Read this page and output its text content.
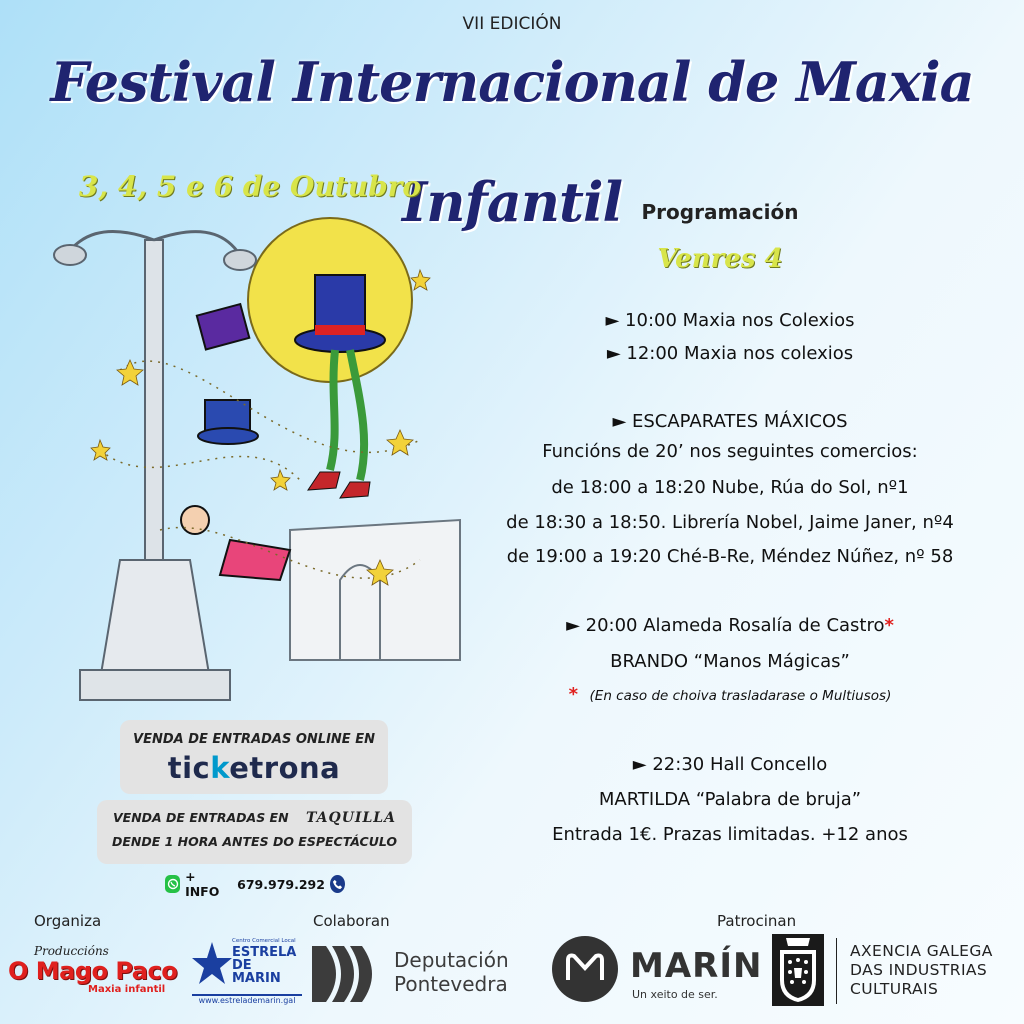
VII EDICIÓN
Festival Internacional de Maxia Infantil
3, 4, 5 e 6 de Outubro
Programación
Venres 4
► 10:00 Maxia nos Colexios
► 12:00 Maxia nos colexios
► ESCAPARATES MÁXICOS
Funcións de 20’ nos seguintes comercios:
de 18:00 a 18:20 Nube, Rúa do Sol, nº1
de 18:30 a 18:50. Librería Nobel, Jaime Janer, nº4
de 19:00 a 19:20 Ché-B-Re, Méndez Núñez, nº 58
► 20:00 Alameda Rosalía de Castro*
BRANDO “Manos Mágicas”
* (En caso de choiva trasladarase o Multiusos)
► 22:30 Hall Concello
MARTILDA “Palabra de bruja”
Entrada 1€. Prazas limitadas. +12 anos
VENDA DE ENTRADAS ONLINE EN
ticketrona
VENDA DE ENTRADAS EN TAQUILLA
DENDE 1 HORA ANTES DO ESPECTÁCULO
+ INFO	679.979.292
Organiza	Colaboran	Patrocinan
Produccións
O Mago Paco
Maxia infantil
Centro Comercial Local
ESTRELA
DE
MARIN
www.estrelademarin.gal
Deputación
Pontevedra	MARÍN
Un xeito de ser.
AXENCIA GALEGA
DAS INDUSTRIAS
CULTURAIS
